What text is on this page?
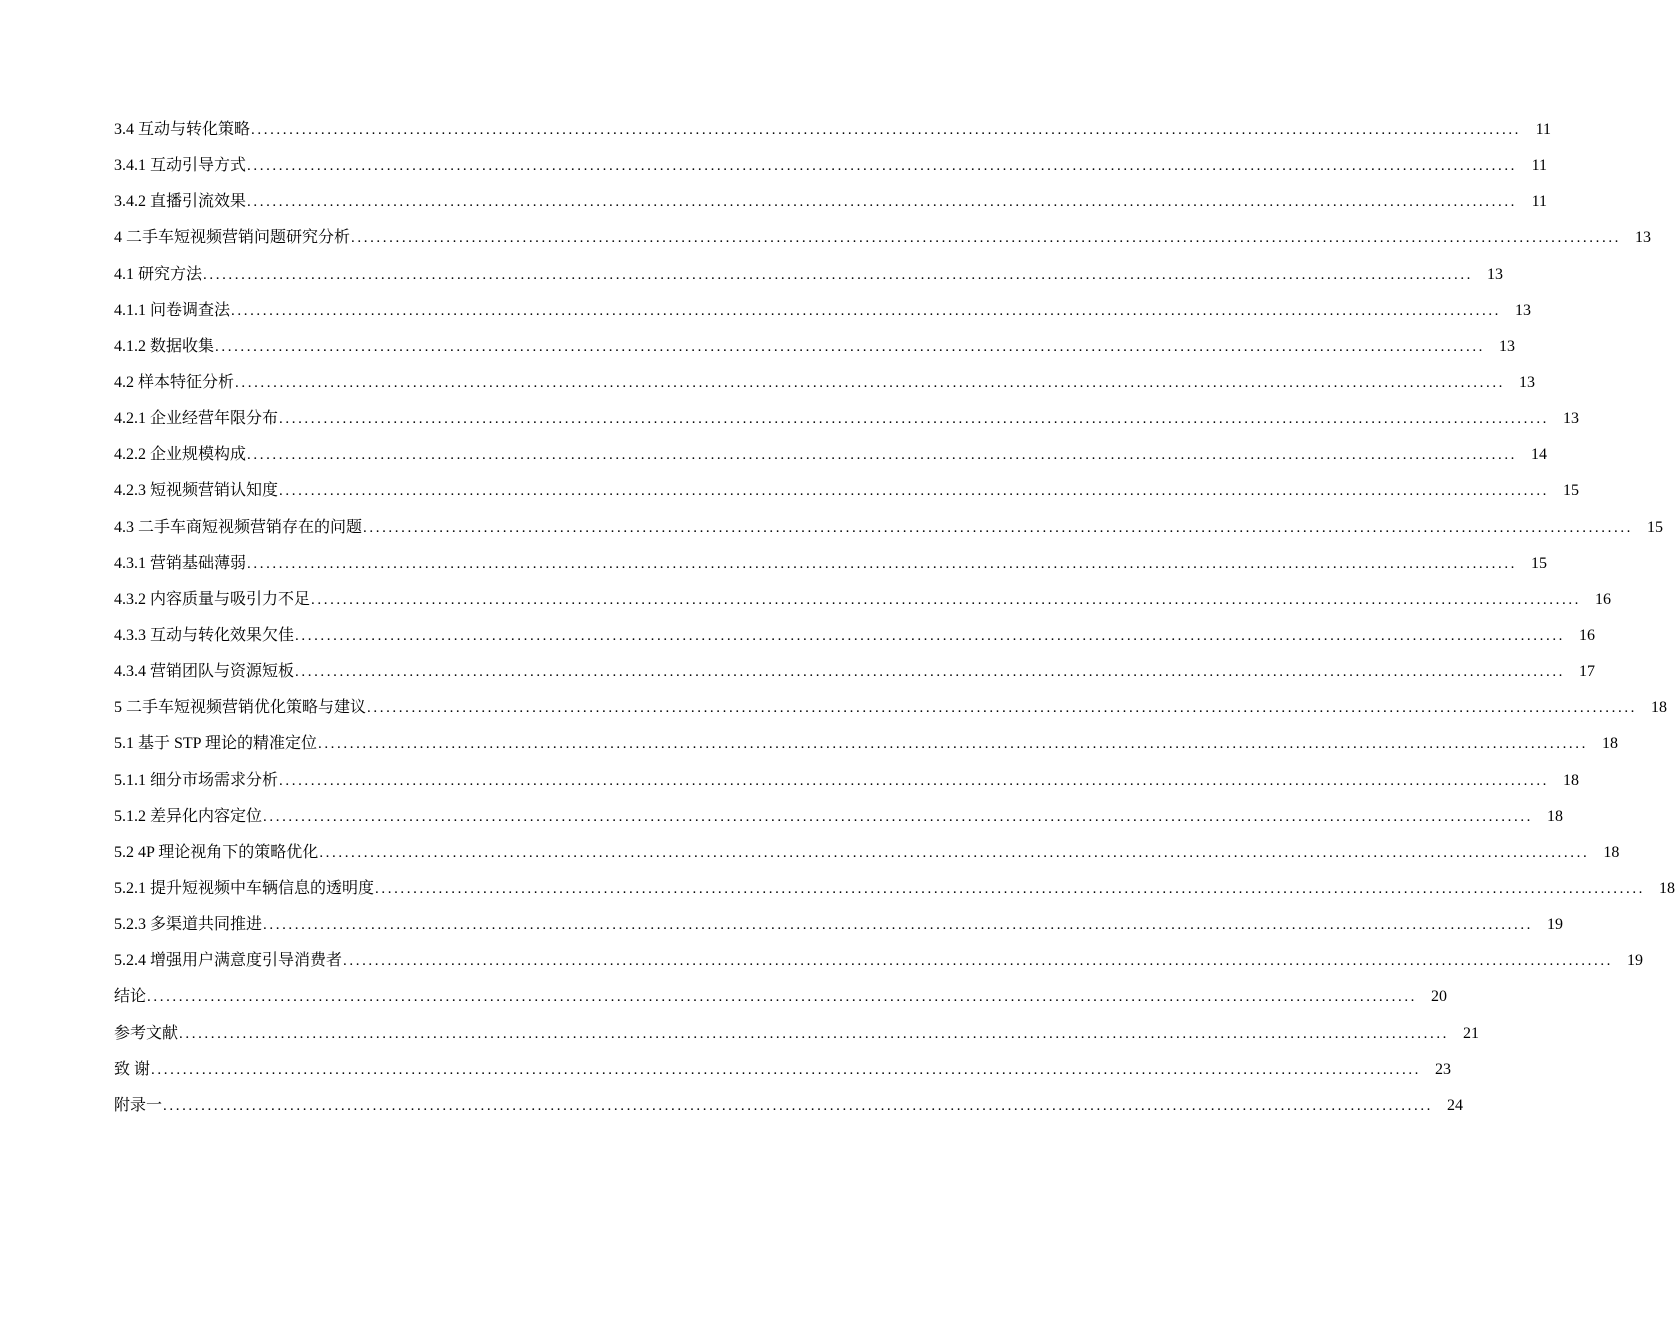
3.4 互动与转化策略 ........................................................................................................................................................................................................ 11
3.4.1 互动引导方式 ........................................................................................................................................................................................................ 11
3.4.2 直播引流效果 ........................................................................................................................................................................................................ 11
4 二手车短视频营销问题研究分析 ........................................................................................................................................................................................................ 13
4.1 研究方法 ........................................................................................................................................................................................................ 13
4.1.1 问卷调查法 ........................................................................................................................................................................................................ 13
4.1.2 数据收集 ........................................................................................................................................................................................................ 13
4.2 样本特征分析 ........................................................................................................................................................................................................ 13
4.2.1 企业经营年限分布 ........................................................................................................................................................................................................ 13
4.2.2 企业规模构成 ........................................................................................................................................................................................................ 14
4.2.3 短视频营销认知度 ........................................................................................................................................................................................................ 15
4.3 二手车商短视频营销存在的问题 ........................................................................................................................................................................................................ 15
4.3.1 营销基础薄弱 ........................................................................................................................................................................................................ 15
4.3.2 内容质量与吸引力不足 ........................................................................................................................................................................................................ 16
4.3.3 互动与转化效果欠佳 ........................................................................................................................................................................................................ 16
4.3.4 营销团队与资源短板 ........................................................................................................................................................................................................ 17
5 二手车短视频营销优化策略与建议 ........................................................................................................................................................................................................ 18
5.1 基于 STP 理论的精准定位 ........................................................................................................................................................................................................ 18
5.1.1 细分市场需求分析 ........................................................................................................................................................................................................ 18
5.1.2 差异化内容定位 ........................................................................................................................................................................................................ 18
5.2 4P 理论视角下的策略优化 ........................................................................................................................................................................................................ 18
5.2.1 提升短视频中车辆信息的透明度 ........................................................................................................................................................................................................ 18
5.2.3 多渠道共同推进 ........................................................................................................................................................................................................ 19
5.2.4 增强用户满意度引导消费者 ........................................................................................................................................................................................................ 19
结论 ........................................................................................................................................................................................................ 20
参考文献 ........................................................................................................................................................................................................ 21
致 谢 ........................................................................................................................................................................................................ 23
附录一 ........................................................................................................................................................................................................ 24
